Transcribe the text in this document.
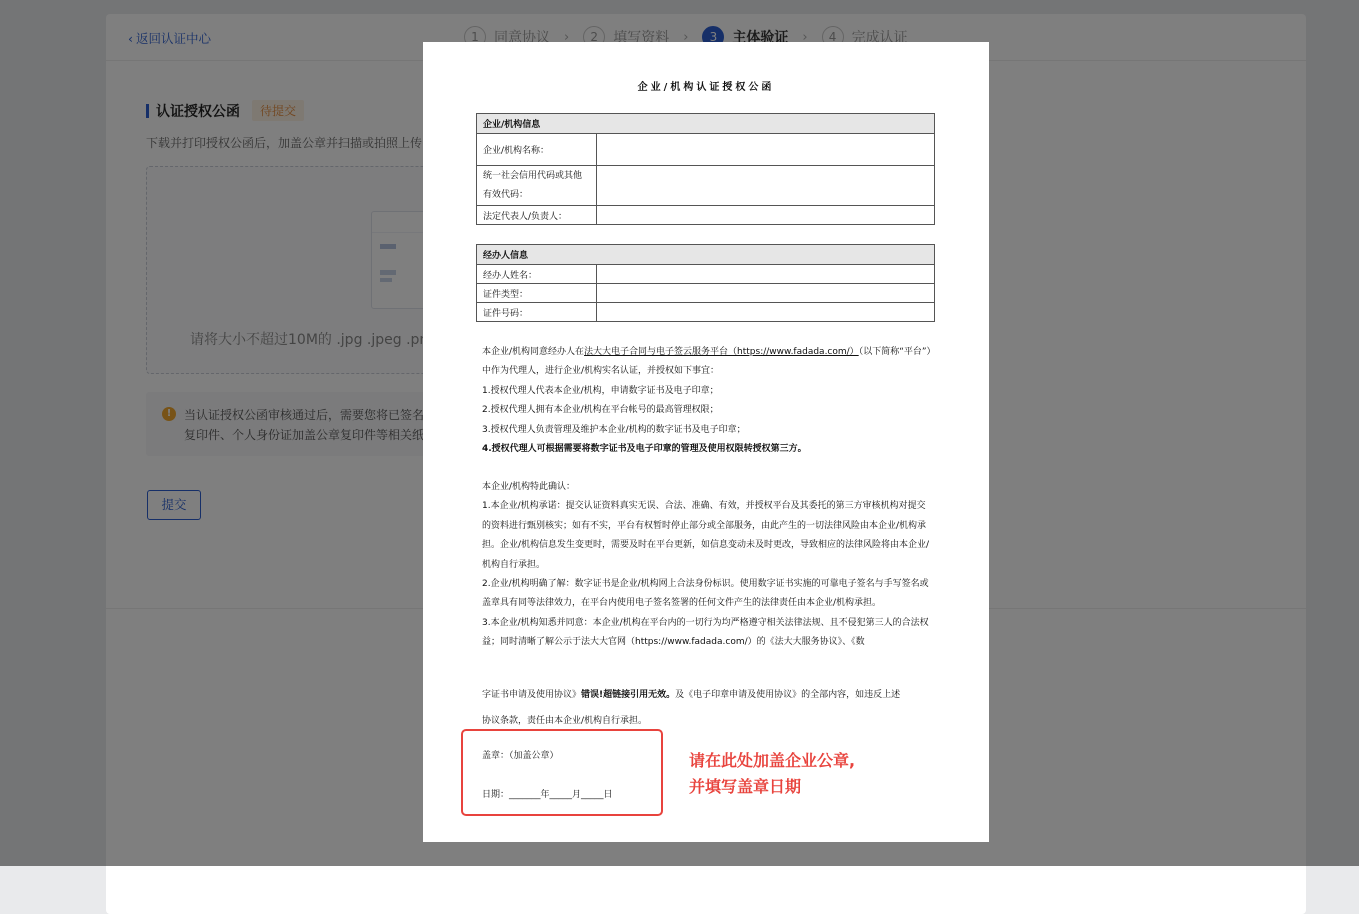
企业/机构认证授权公函
企业/机构信息	
企业/机构名称：	

统一社会信用代码或其他
有效代码：	

法定代表人/负责人：	
经办人信息	
经办人姓名：	
证件类型：	
证件号码：	

本企业/机构同意经办人在法大大电子合同与电子签云服务平台（https://www.fadada.com/）（以下简称“平台”）中作为代理人，进行企业/机构实名认证，并授权如下事宜：

1.授权代理人代表本企业/机构，申请数字证书及电子印章；

2.授权代理人拥有本企业/机构在平台帐号的最高管理权限；

3.授权代理人负责管理及维护本企业/机构的数字证书及电子印章；

4.授权代理人可根据需要将数字证书及电子印章的管理及使用权限转授权第三方。

本企业/机构特此确认：

1.本企业/机构承诺：提交认证资料真实无误、合法、准确、有效，并授权平台及其委托的第三方审核机构对提交的资料进行甄别核实；如有不实，平台有权暂时停止部分或全部服务，由此产生的一切法律风险由本企业/机构承担。企业/机构信息发生变更时，需要及时在平台更新，如信息变动未及时更改，导致相应的法律风险将由本企业/机构自行承担。

2.企业/机构明确了解：数字证书是企业/机构网上合法身份标识。使用数字证书实施的可靠电子签名与手写签名或盖章具有同等法律效力，在平台内使用电子签名签署的任何文件产生的法律责任由本企业/机构承担。

3.本企业/机构知悉并同意：本企业/机构在平台内的一切行为均严格遵守相关法律法规、且不侵犯第三人的合法权益；同时清晰了解公示于法大大官网（https://www.fadada.com/）的《法大大服务协议》、《数

字证书申请及使用协议》错误!超链接引用无效。及《电子印章申请及使用协议》的全部内容，如违反上述

协议条款，责任由本企业/机构自行承担。

盖章：（加盖公章）
日期：_______年_____月_____日
请在此处加盖企业公章,
并填写盖章日期
